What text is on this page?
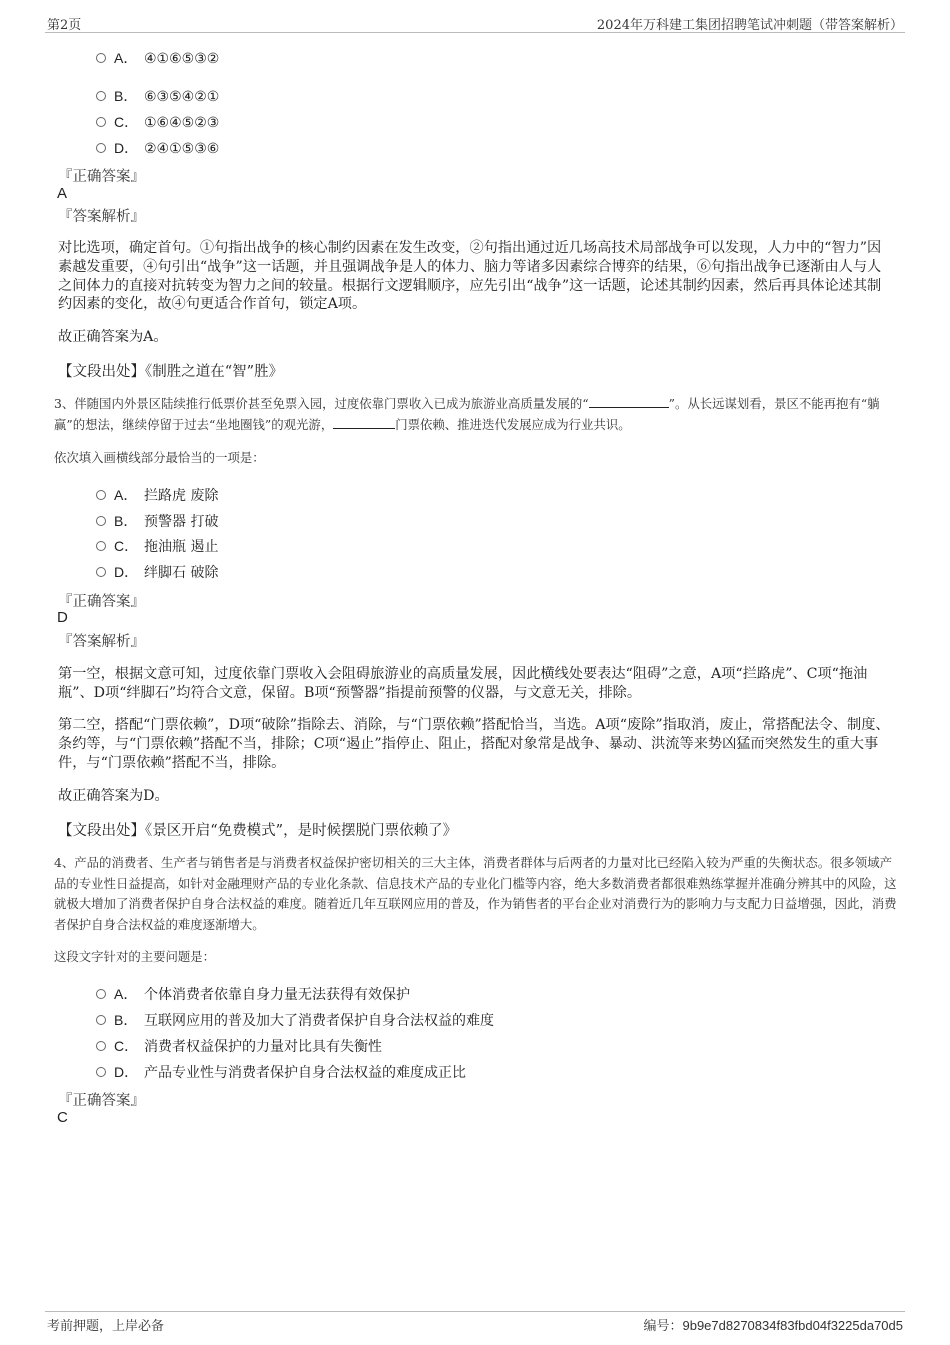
第2页	2024年万科建工集团招聘笔试冲刺题（带答案解析）
A． ④①⑥⑤③②
B． ⑥③⑤④②①
C． ①⑥④⑤②③
D． ②④①⑤③⑥
『正确答案』
A
『答案解析』
对比选项，确定首句。①句指出战争的核心制约因素在发生改变，②句指出通过近几场高技术局部战争可以发现，人力中的“智力”因素越发重要，④句引出“战争”这一话题，并且强调战争是人的体力、脑力等诸多因素综合博弈的结果，⑥句指出战争已逐渐由人与人之间体力的直接对抗转变为智力之间的较量。根据行文逻辑顺序，应先引出“战争”这一话题，论述其制约因素，然后再具体论述其制约因素的变化，故④句更适合作首句，锁定A项。
故正确答案为A。
【文段出处】《制胜之道在“智”胜》
3、伴随国内外景区陆续推行低票价甚至免票入园，过度依靠门票收入已成为旅游业高质量发展的“	”。从长远谋划看，景区不能再抱有“躺赢”的想法，继续停留于过去“坐地圈钱”的观光游，	门票依赖、推进迭代发展应成为行业共识。
依次填入画横线部分最恰当的一项是：
A． 拦路虎 废除
B． 预警器 打破
C． 拖油瓶 遏止
D． 绊脚石 破除
『正确答案』
D
『答案解析』
第一空，根据文意可知，过度依靠门票收入会阻碍旅游业的高质量发展，因此横线处要表达“阻碍”之意，A项“拦路虎”、C项“拖油瓶”、D项“绊脚石”均符合文意，保留。B项“预警器”指提前预警的仪器，与文意无关，排除。
第二空，搭配“门票依赖”，D项“破除”指除去、消除，与“门票依赖”搭配恰当，当选。A项“废除”指取消，废止，常搭配法令、制度、条约等，与“门票依赖”搭配不当，排除；C项“遏止”指停止、阻止，搭配对象常是战争、暴动、洪流等来势凶猛而突然发生的重大事件，与“门票依赖”搭配不当，排除。
故正确答案为D。
【文段出处】《景区开启“免费模式”，是时候摆脱门票依赖了》
4、产品的消费者、生产者与销售者是与消费者权益保护密切相关的三大主体，消费者群体与后两者的力量对比已经陷入较为严重的失衡状态。很多领域产品的专业性日益提高，如针对金融理财产品的专业化条款、信息技术产品的专业化门槛等内容，绝大多数消费者都很难熟练掌握并准确分辨其中的风险，这就极大增加了消费者保护自身合法权益的难度。随着近几年互联网应用的普及，作为销售者的平台企业对消费行为的影响力与支配力日益增强，因此，消费者保护自身合法权益的难度逐渐增大。
这段文字针对的主要问题是：
A． 个体消费者依靠自身力量无法获得有效保护
B． 互联网应用的普及加大了消费者保护自身合法权益的难度
C． 消费者权益保护的力量对比具有失衡性
D． 产品专业性与消费者保护自身合法权益的难度成正比
『正确答案』
C
考前押题，上岸必备	编号：9b9e7d8270834f83fbd04f3225da70d5
